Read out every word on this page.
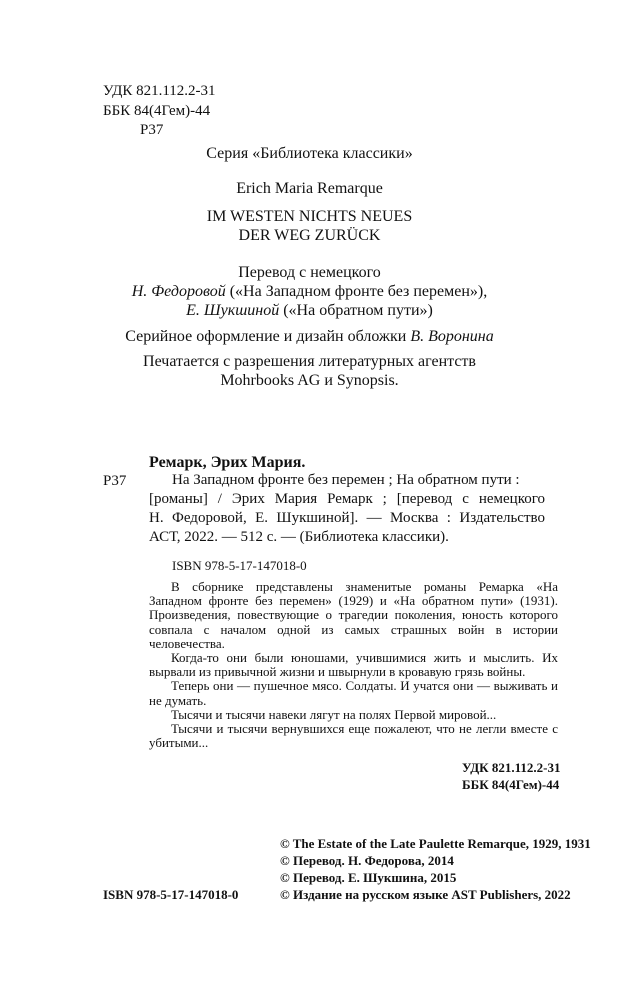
УДК 821.112.2-31
ББК 84(4Гем)-44
Р37
Серия «Библиотека классики»
Erich Maria Remarque
IM WESTEN NICHTS NEUES
DER WEG ZURÜCK
Перевод с немецкого
Н. Федоровой («На Западном фронте без перемен»),
Е. Шукшиной («На обратном пути»)
Серийное оформление и дизайн обложки В. Воронина
Печатается с разрешения литературных агентств
Mohrbooks AG и Synopsis.
Ремарк, Эрих Мария.
Р37	На Западном фронте без перемен ; На обратном пути :
[романы] / Эрих Мария Ремарк ; [перевод с немецкого
Н. Федоровой, Е. Шукшиной]. — Москва : Издательство
АСТ, 2022. — 512 с. — (Библиотека классики).
ISBN 978-5-17-147018-0

В сборнике представлены знаменитые романы Ремарка «На Западном фронте без перемен» (1929) и «На обратном пути» (1931). Произведения, повествующие о трагедии поколения, юность которого совпала с началом одной из самых страшных войн в истории человечества.

Когда-то они были юношами, учившимися жить и мыслить. Их вырвали из привычной жизни и швырнули в кровавую грязь войны.

Теперь они — пушечное мясо. Солдаты. И учатся они — выживать и не думать.

Тысячи и тысячи навеки лягут на полях Первой мировой...

Тысячи и тысячи вернувшихся еще пожалеют, что не легли вместе с убитыми...

УДК 821.112.2-31
ББК 84(4Гем)-44
© The Estate of the Late Paulette Remarque, 1929, 1931
© Перевод. Н. Федорова, 2014
© Перевод. Е. Шукшина, 2015
© Издание на русском языке AST Publishers, 2022
ISBN 978-5-17-147018-0
